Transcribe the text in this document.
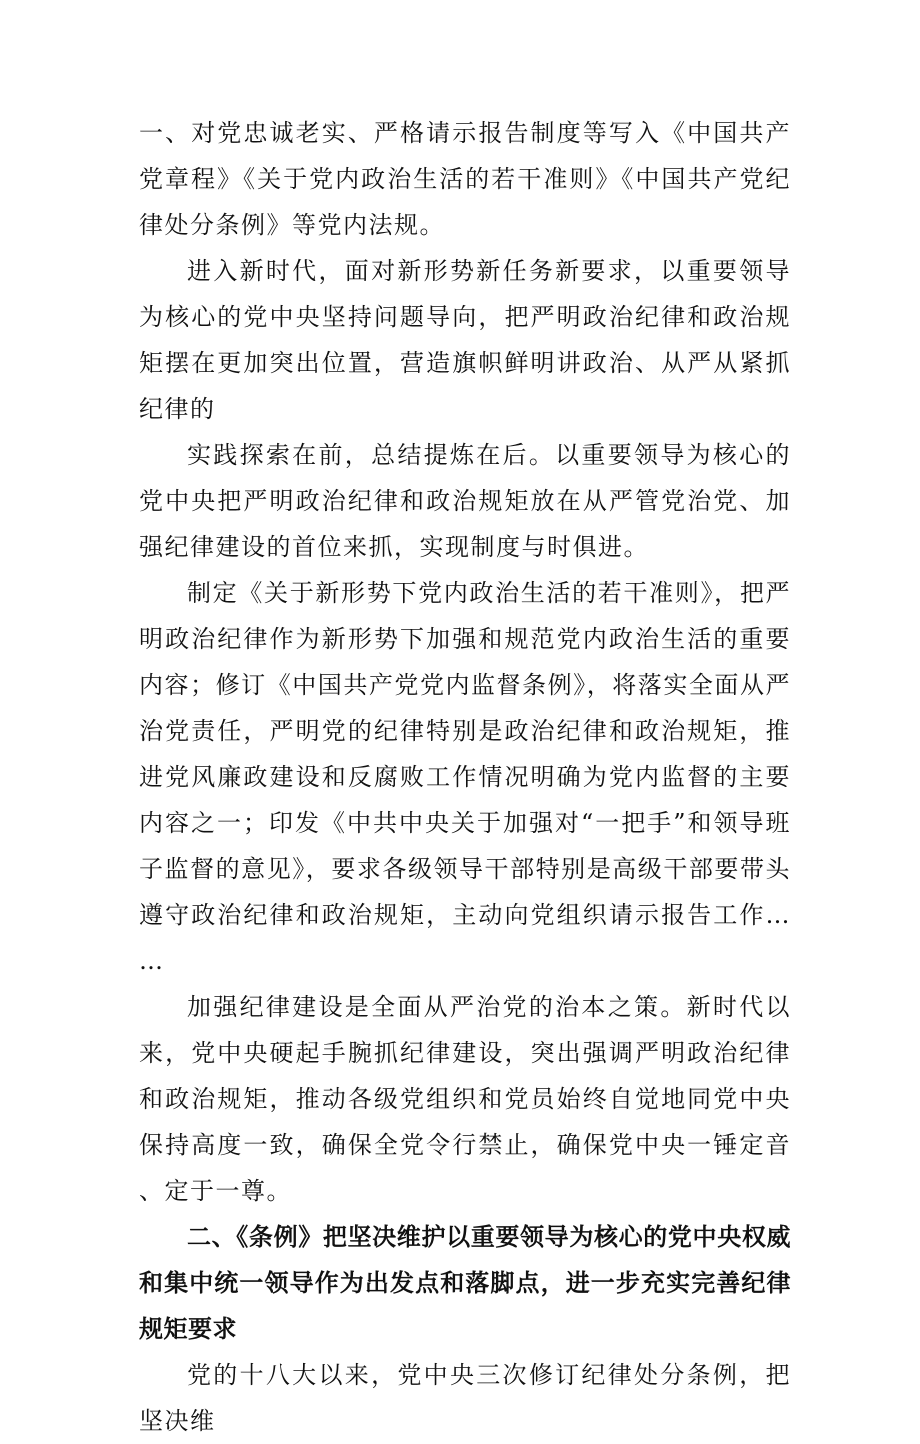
一、对党忠诚老实、严格请示报告制度等写入《中国共产党章程》《关于党内政治生活的若干准则》《中国共产党纪律处分条例》等党内法规。

进入新时代，面对新形势新任务新要求，以重要领导为核心的党中央坚持问题导向，把严明政治纪律和政治规矩摆在更加突出位置，营造旗帜鲜明讲政治、从严从紧抓纪律的

实践探索在前，总结提炼在后。以重要领导为核心的党中央把严明政治纪律和政治规矩放在从严管党治党、加强纪律建设的首位来抓，实现制度与时俱进。

制定《关于新形势下党内政治生活的若干准则》，把严明政治纪律作为新形势下加强和规范党内政治生活的重要内容；修订《中国共产党党内监督条例》，将落实全面从严治党责任，严明党的纪律特别是政治纪律和政治规矩，推进党风廉政建设和反腐败工作情况明确为党内监督的主要内容之一；印发《中共中央关于加强对“一把手”和领导班子监督的意见》，要求各级领导干部特别是高级干部要带头遵守政治纪律和政治规矩，主动向党组织请示报告工作……

加强纪律建设是全面从严治党的治本之策。新时代以来，党中央硬起手腕抓纪律建设，突出强调严明政治纪律和政治规矩，推动各级党组织和党员始终自觉地同党中央保持高度一致，确保全党令行禁止，确保党中央一锤定音、定于一尊。

二、《条例》把坚决维护以重要领导为核心的党中央权威和集中统一领导作为出发点和落脚点，进一步充实完善纪律规矩要求

党的十八大以来，党中央三次修订纪律处分条例，把坚决维
